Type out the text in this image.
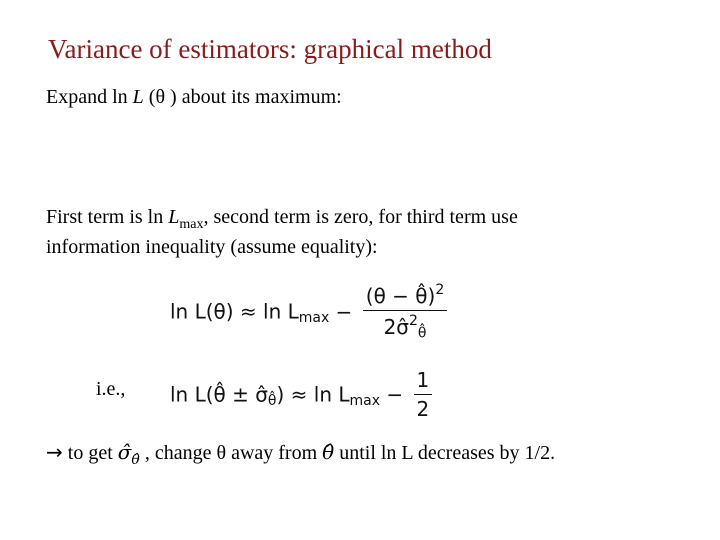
Variance of estimators: graphical method
Expand ln L (θ ) about its maximum:
First term is $\ln L_{max}$, second term is zero, for third term use
information inequality (assume equality):
$\ln L(\theta) \approx \ln L_{max} - \frac{(\theta - \thetâ)^2}{2\sigmâ^2_{\thetâ}}$
i.e., ln L(θ̂ ± $\sigmâ_{\thetâ}) \approx \ln L_{max} - \frac{1}{2}$
→ to get $\sigmâ_{\thetâ}$ , change θ away from θ̂ until ln L decreases by 1/2.
